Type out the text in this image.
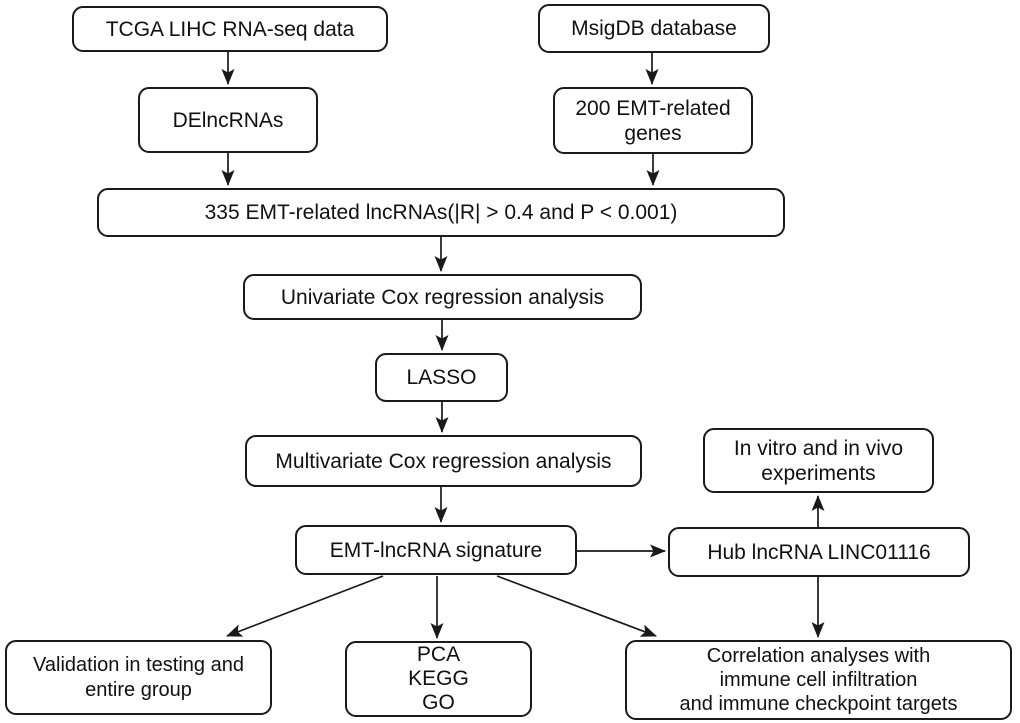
TCGA LIHC RNA-seq data	MsigDB database
DElncRNAs
200 EMT-related
genes
335 EMT-related lncRNAs(|R| > 0.4 and P < 0.001)
Univariate Cox regression analysis
LASSO
Multivariate Cox regression analysis
EMT-lncRNA signature	Hub lncRNA LINC01116
In vitro and in vivo
experiments
Validation in testing and
entire group
PCA
KEGG
GO
Correlation analyses with
immune cell infiltration
and immune checkpoint targets
